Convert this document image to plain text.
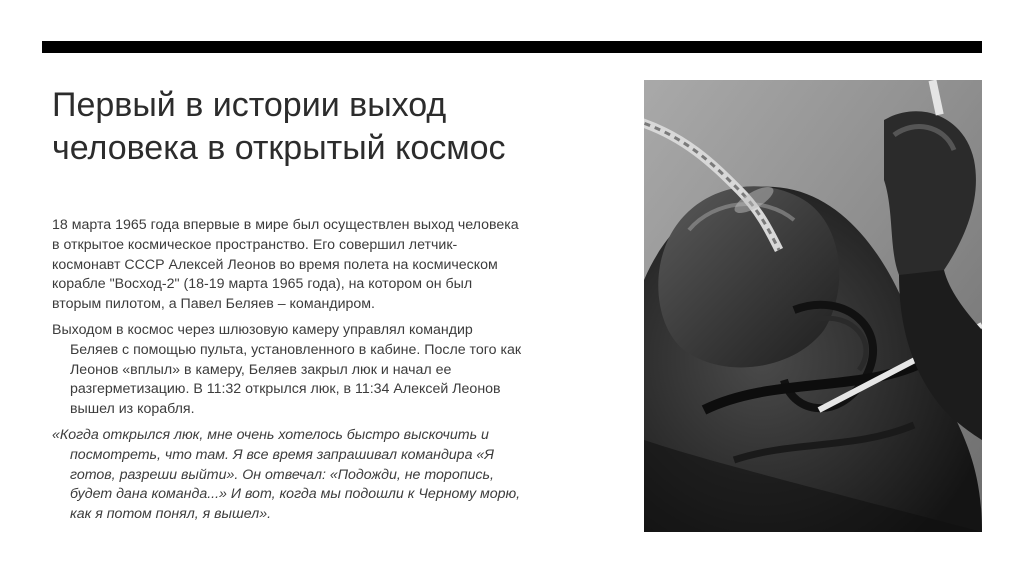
Первый в истории выход
человека в открытый космос

18 марта 1965 года впервые в мире был осуществлен выход человека
в открытое космическое пространство. Его совершил летчик-
космонавт СССР Алексей Леонов во время полета на космическом
корабле "Восход-2" (18-19 марта 1965 года), на котором он был
вторым пилотом, а Павел Беляев – командиром.

Выходом в космос через шлюзовую камеру управлял командир
Беляев с помощью пульта, установленного в кабине. После того как
Леонов «вплыл» в камеру, Беляев закрыл люк и начал ее
разгерметизацию. В 11:32 открылся люк, в 11:34 Алексей Леонов
вышел из корабля.

«Когда открылся люк, мне очень хотелось быстро выскочить и
посмотреть, что там. Я все время запрашивал командира «Я
готов, разреши выйти». Он отвечал: «Подожди, не торопись,
будет дана команда...» И вот, когда мы подошли к Черному морю,
как я потом понял, я вышел».
